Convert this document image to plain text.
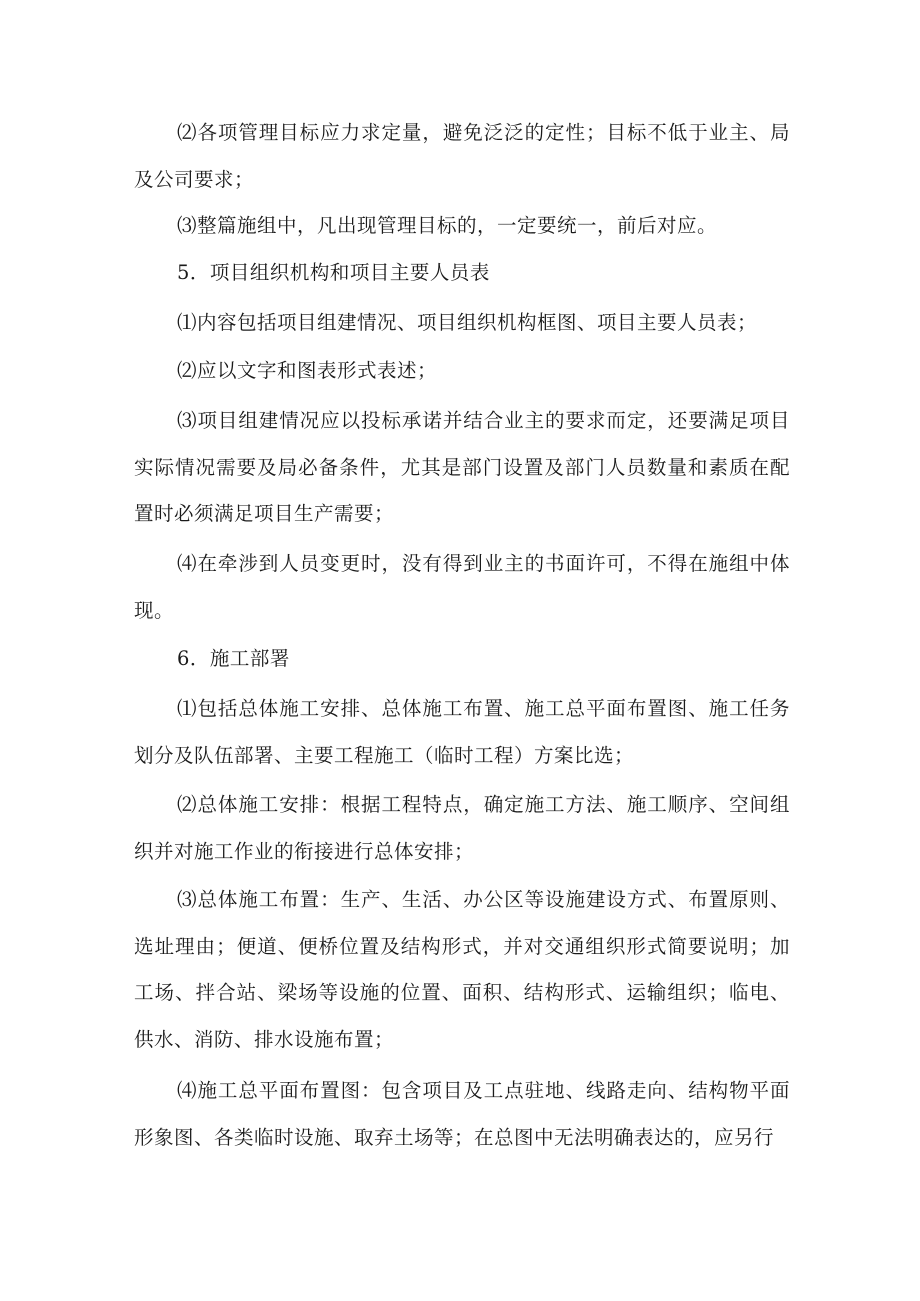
⑵各项管理目标应力求定量，避免泛泛的定性；目标不低于业主、局及公司要求；

⑶整篇施组中，凡出现管理目标的，一定要统一，前后对应。

5．项目组织机构和项目主要人员表

⑴内容包括项目组建情况、项目组织机构框图、项目主要人员表；

⑵应以文字和图表形式表述；

⑶项目组建情况应以投标承诺并结合业主的要求而定，还要满足项目实际情况需要及局必备条件，尤其是部门设置及部门人员数量和素质在配置时必须满足项目生产需要；

⑷在牵涉到人员变更时，没有得到业主的书面许可，不得在施组中体现。

6．施工部署

⑴包括总体施工安排、总体施工布置、施工总平面布置图、施工任务划分及队伍部署、主要工程施工（临时工程）方案比选；

⑵总体施工安排：根据工程特点，确定施工方法、施工顺序、空间组织并对施工作业的衔接进行总体安排；

⑶总体施工布置：生产、生活、办公区等设施建设方式、布置原则、选址理由；便道、便桥位置及结构形式，并对交通组织形式简要说明；加工场、拌合站、梁场等设施的位置、面积、结构形式、运输组织；临电、供水、消防、排水设施布置；

⑷施工总平面布置图：包含项目及工点驻地、线路走向、结构物平面形象图、各类临时设施、取弃土场等；在总图中无法明确表达的，应另行
